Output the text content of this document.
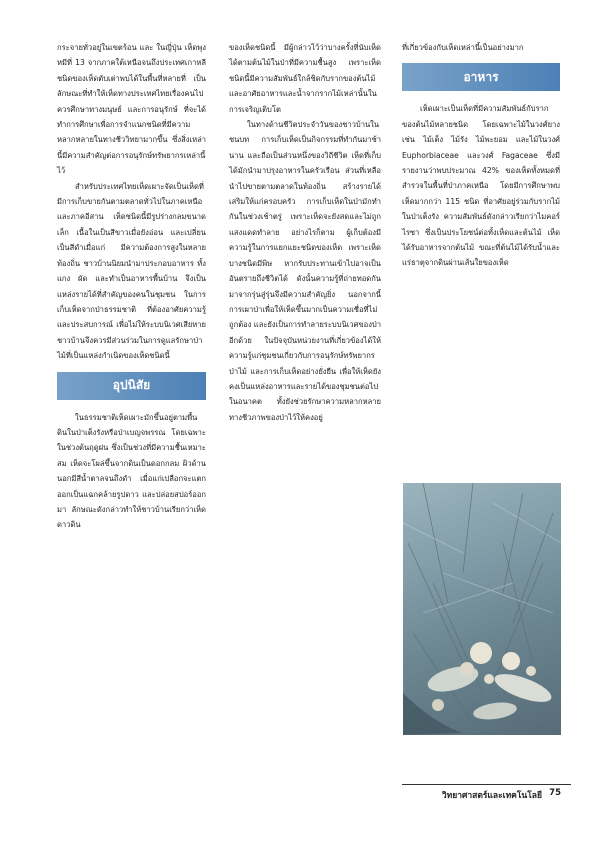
กระจายทั่วอยู่ในเขตร้อน และ ในญี่ปุ่น เห็ดพุงหมีที่ 13 จากภาคใต้เหนือจนถึงประเทศเกาหลี ชนิดของเห็ดตับเต่าพบได้ในพื้นที่หลายที่ เป็นลักษณะที่ทำให้เห็ดทางประเทศไทยเรื่องคนไป ควรศึกษาทางมนุษย์ และการอนุรักษ์ ที่จะได้ทำการศึกษาเพื่อการจำแนกชนิดที่มีความหลากหลายในทางชีววิทยามากขึ้น ซึ่งสิ่งเหล่านี้มีความสำคัญต่อการอนุรักษ์ทรัพยากรเหล่านี้ไว้

สำหรับประเทศไทยเห็ดเผาะจัดเป็นเห็ดที่มีการเก็บขายกันตามตลาดทั่วไปในภาคเหนือและภาคอีสาน เห็ดชนิดนี้มีรูปร่างกลมขนาดเล็ก เนื้อในเป็นสีขาวเมื่อยังอ่อน และเปลี่ยนเป็นสีดำเมื่อแก่ มีความต้องการสูงในหลายท้องถิ่น ชาวบ้านนิยมนำมาประกอบอาหาร ทั้งแกง ผัด และทำเป็นอาหารพื้นบ้าน จึงเป็นแหล่งรายได้ที่สำคัญของคนในชุมชน ในการเก็บเห็ดจากป่าธรรมชาติ ที่ต้องอาศัยความรู้และประสบการณ์ เพื่อไม่ให้ระบบนิเวศเสียหาย ชาวบ้านจึงควรมีส่วนร่วมในการดูแลรักษาป่าไม้ที่เป็นแหล่งกำเนิดของเห็ดชนิดนี้

อุปนิสัย

ในธรรมชาติเห็ดเผาะมักขึ้นอยู่ตามพื้นดินในป่าเต็งรังหรือป่าเบญจพรรณ โดยเฉพาะในช่วงต้นฤดูฝน ซึ่งเป็นช่วงที่มีความชื้นเหมาะสม เห็ดจะโผล่ขึ้นจากดินเป็นดอกกลม ผิวด้านนอกมีสีน้ำตาลจนถึงดำ เมื่อแก่เปลือกจะแตกออกเป็นแฉกคล้ายรูปดาว และปล่อยสปอร์ออกมา ลักษณะดังกล่าวทำให้ชาวบ้านเรียกว่าเห็ดดาวดิน

ของเห็ดชนิดนี้ มีผู้กล่าวไว้ว่าบางครั้งที่นับเห็ดได้ตามต้นไม้ในป่าที่มีความชื้นสูง เพราะเห็ดชนิดนี้มีความสัมพันธ์ใกล้ชิดกับรากของต้นไม้ และอาศัยอาหารและน้ำจากรากไม้เหล่านั้นในการเจริญเติบโต

ในทางด้านชีวิตประจำวันของชาวบ้านในชนบท การเก็บเห็ดเป็นกิจกรรมที่ทำกันมาช้านาน และถือเป็นส่วนหนึ่งของวิถีชีวิต เห็ดที่เก็บได้มักนำมาปรุงอาหารในครัวเรือน ส่วนที่เหลือนำไปขายตามตลาดในท้องถิ่น สร้างรายได้เสริมให้แก่ครอบครัว การเก็บเห็ดในป่ามักทำกันในช่วงเช้าตรู่ เพราะเห็ดจะยังสดและไม่ถูกแสงแดดทำลาย อย่างไรก็ตาม ผู้เก็บต้องมีความรู้ในการแยกแยะชนิดของเห็ด เพราะเห็ดบางชนิดมีพิษ หากรับประทานเข้าไปอาจเป็นอันตรายถึงชีวิตได้ ดังนั้นความรู้ที่ถ่ายทอดกันมาจากรุ่นสู่รุ่นจึงมีความสำคัญยิ่ง นอกจากนี้การเผาป่าเพื่อให้เห็ดขึ้นมากเป็นความเชื่อที่ไม่ถูกต้อง และยังเป็นการทำลายระบบนิเวศของป่าอีกด้วย ในปัจจุบันหน่วยงานที่เกี่ยวข้องได้ให้ความรู้แก่ชุมชนเกี่ยวกับการอนุรักษ์ทรัพยากรป่าไม้ และการเก็บเห็ดอย่างยั่งยืน เพื่อให้เห็ดยังคงเป็นแหล่งอาหารและรายได้ของชุมชนต่อไปในอนาคต ทั้งยังช่วยรักษาความหลากหลายทางชีวภาพของป่าไว้ให้คงอยู่

ที่เกี่ยวข้องกับเห็ดเหล่านี้เป็นอย่างมาก

อาหาร

เห็ดเผาะเป็นเห็ดที่มีความสัมพันธ์กับรากของต้นไม้หลายชนิด โดยเฉพาะไม้ในวงศ์ยาง เช่น ไม้เต็ง ไม้รัง ไม้พะยอม และไม้ในวงศ์ Euphorbiaceae และวงศ์ Fagaceae ซึ่งมีรายงานว่าพบประมาณ 42% ของเห็ดทั้งหมดที่สำรวจในพื้นที่ป่าภาคเหนือ โดยมีการศึกษาพบเห็ดมากกว่า 115 ชนิด ที่อาศัยอยู่ร่วมกับรากไม้ในป่าเต็งรัง ความสัมพันธ์ดังกล่าวเรียกว่าไมคอร์ไรซา ซึ่งเป็นประโยชน์ต่อทั้งเห็ดและต้นไม้ เห็ดได้รับอาหารจากต้นไม้ ขณะที่ต้นไม้ได้รับน้ำและแร่ธาตุจากดินผ่านเส้นใยของเห็ด

วิทยาศาสตร์และเทคโนโลยี 75
